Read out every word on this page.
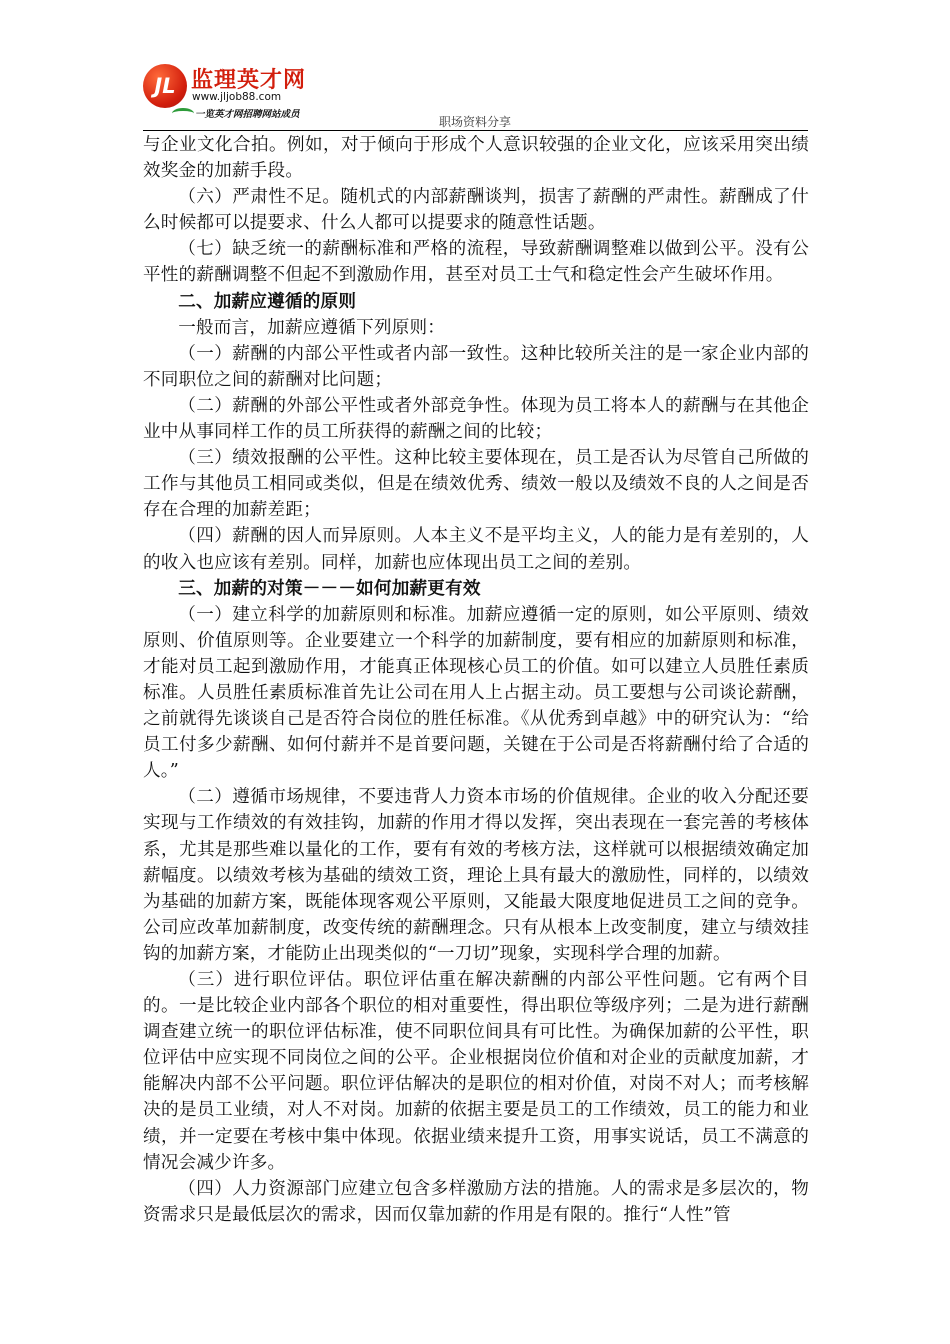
JL 监理英才网
www.jljob88.com
一览英才网招聘网站成员
职场资料分享

与企业文化合拍。例如，对于倾向于形成个人意识较强的企业文化，应该采用突出绩效奖金的加薪手段。

（六）严肃性不足。随机式的内部薪酬谈判，损害了薪酬的严肃性。薪酬成了什么时候都可以提要求、什么人都可以提要求的随意性话题。

（七）缺乏统一的薪酬标准和严格的流程，导致薪酬调整难以做到公平。没有公平性的薪酬调整不但起不到激励作用，甚至对员工士气和稳定性会产生破坏作用。

二、加薪应遵循的原则

一般而言，加薪应遵循下列原则：

（一）薪酬的内部公平性或者内部一致性。这种比较所关注的是一家企业内部的不同职位之间的薪酬对比问题；

（二）薪酬的外部公平性或者外部竞争性。体现为员工将本人的薪酬与在其他企业中从事同样工作的员工所获得的薪酬之间的比较；

（三）绩效报酬的公平性。这种比较主要体现在，员工是否认为尽管自己所做的工作与其他员工相同或类似，但是在绩效优秀、绩效一般以及绩效不良的人之间是否存在合理的加薪差距；

（四）薪酬的因人而异原则。人本主义不是平均主义，人的能力是有差别的，人的收入也应该有差别。同样，加薪也应体现出员工之间的差别。

三、加薪的对策－－－如何加薪更有效

（一）建立科学的加薪原则和标准。加薪应遵循一定的原则，如公平原则、绩效原则、价值原则等。企业要建立一个科学的加薪制度，要有相应的加薪原则和标准，才能对员工起到激励作用，才能真正体现核心员工的价值。如可以建立人员胜任素质标准。人员胜任素质标准首先让公司在用人上占据主动。员工要想与公司谈论薪酬，之前就得先谈谈自己是否符合岗位的胜任标准。《从优秀到卓越》中的研究认为：“给员工付多少薪酬、如何付薪并不是首要问题，关键在于公司是否将薪酬付给了合适的人。”

（二）遵循市场规律，不要违背人力资本市场的价值规律。企业的收入分配还要实现与工作绩效的有效挂钩，加薪的作用才得以发挥，突出表现在一套完善的考核体系，尤其是那些难以量化的工作，要有有效的考核方法，这样就可以根据绩效确定加薪幅度。以绩效考核为基础的绩效工资，理论上具有最大的激励性，同样的，以绩效为基础的加薪方案，既能体现客观公平原则，又能最大限度地促进员工之间的竞争。公司应改革加薪制度，改变传统的薪酬理念。只有从根本上改变制度，建立与绩效挂钩的加薪方案，才能防止出现类似的“一刀切”现象，实现科学合理的加薪。

（三）进行职位评估。职位评估重在解决薪酬的内部公平性问题。它有两个目的。一是比较企业内部各个职位的相对重要性，得出职位等级序列；二是为进行薪酬调查建立统一的职位评估标准，使不同职位间具有可比性。为确保加薪的公平性，职位评估中应实现不同岗位之间的公平。企业根据岗位价值和对企业的贡献度加薪，才能解决内部不公平问题。职位评估解决的是职位的相对价值，对岗不对人；而考核解决的是员工业绩，对人不对岗。加薪的依据主要是员工的工作绩效，员工的能力和业绩，并一定要在考核中集中体现。依据业绩来提升工资，用事实说话，员工不满意的情况会减少许多。

（四）人力资源部门应建立包含多样激励方法的措施。人的需求是多层次的，物资需求只是最低层次的需求，因而仅靠加薪的作用是有限的。推行“人性”管
